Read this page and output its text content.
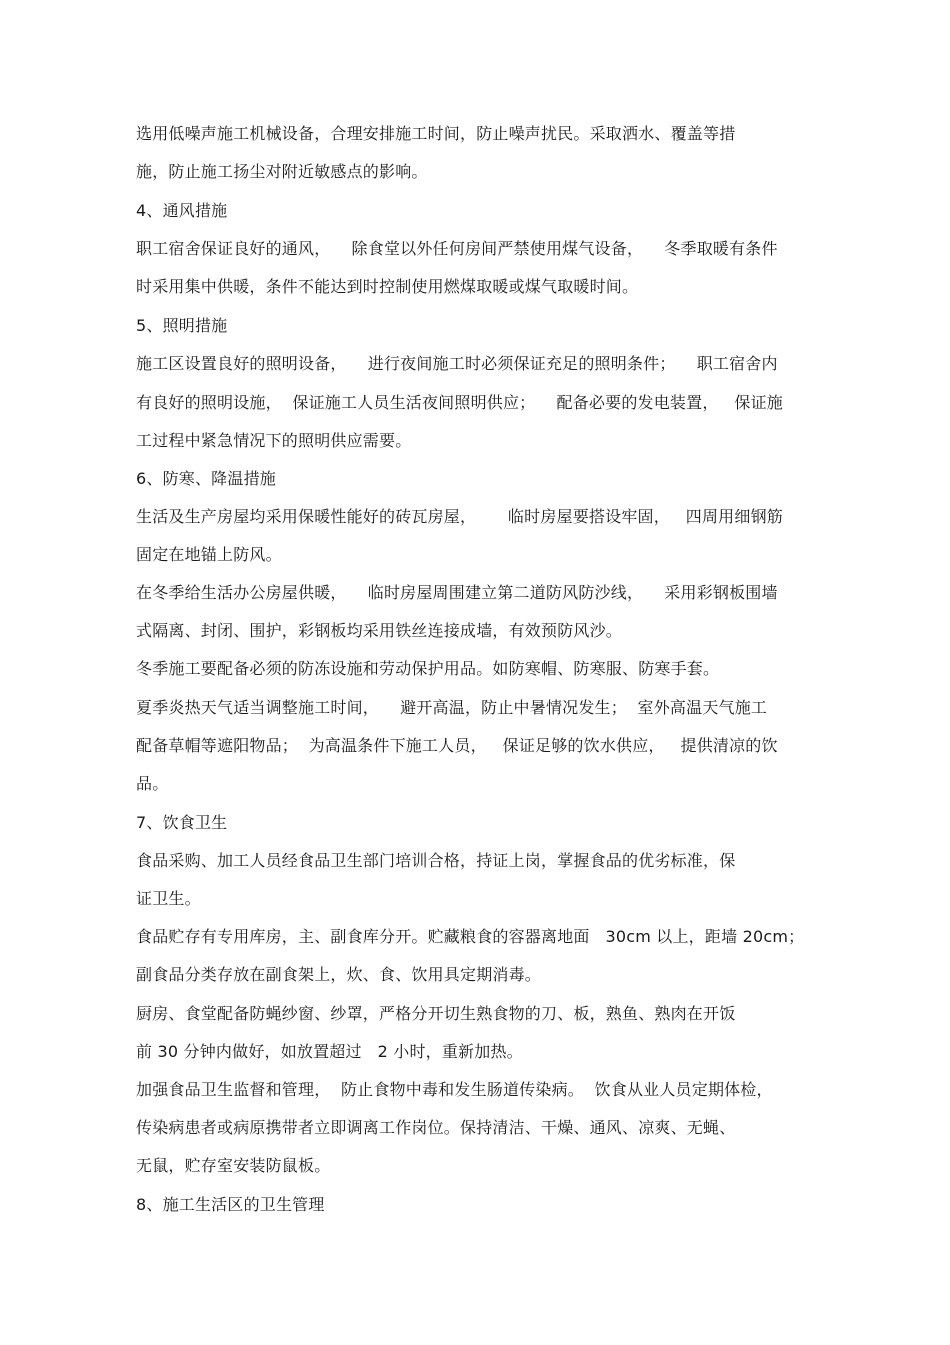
选用低噪声施工机械设备，合理安排施工时间，防止噪声扰民。采取洒水、覆盖等措
施，防止施工扬尘对附近敏感点的影响。
4、通风措施
职工宿舍保证良好的通风，    除食堂以外任何房间严禁使用煤气设备，    冬季取暖有条件
时采用集中供暖，条件不能达到时控制使用燃煤取暖或煤气取暖时间。
5、照明措施
施工区设置良好的照明设备，    进行夜间施工时必须保证充足的照明条件；    职工宿舍内
有良好的照明设施，  保证施工人员生活夜间照明供应；    配备必要的发电装置，   保证施
工过程中紧急情况下的照明供应需要。
6、防寒、降温措施
生活及生产房屋均采用保暖性能好的砖瓦房屋，      临时房屋要搭设牢固，   四周用细钢筋
固定在地锚上防风。
在冬季给生活办公房屋供暖，    临时房屋周围建立第二道防风防沙线，    采用彩钢板围墙
式隔离、封闭、围护，彩钢板均采用铁丝连接成墙，有效预防风沙。
冬季施工要配备必须的防冻设施和劳动保护用品。如防寒帽、防寒服、防寒手套。
夏季炎热天气适当调整施工时间，    避开高温，防止中暑情况发生；  室外高温天气施工
配备草帽等遮阳物品；  为高温条件下施工人员，   保证足够的饮水供应，   提供清凉的饮
品。
7、饮食卫生
食品采购、加工人员经食品卫生部门培训合格，持证上岗，掌握食品的优劣标准，保
证卫生。
食品贮存有专用库房，主、副食库分开。贮藏粮食的容器离地面   30cm 以上，距墙 20cm；
副食品分类存放在副食架上，炊、食、饮用具定期消毒。
厨房、食堂配备防蝇纱窗、纱罩，严格分开切生熟食物的刀、板，熟鱼、熟肉在开饭
前 30 分钟内做好，如放置超过   2 小时，重新加热。
加强食品卫生监督和管理，  防止食物中毒和发生肠道传染病。  饮食从业人员定期体检，
传染病患者或病原携带者立即调离工作岗位。保持清洁、干燥、通风、凉爽、无蝇、
无鼠，贮存室安装防鼠板。
8、施工生活区的卫生管理
